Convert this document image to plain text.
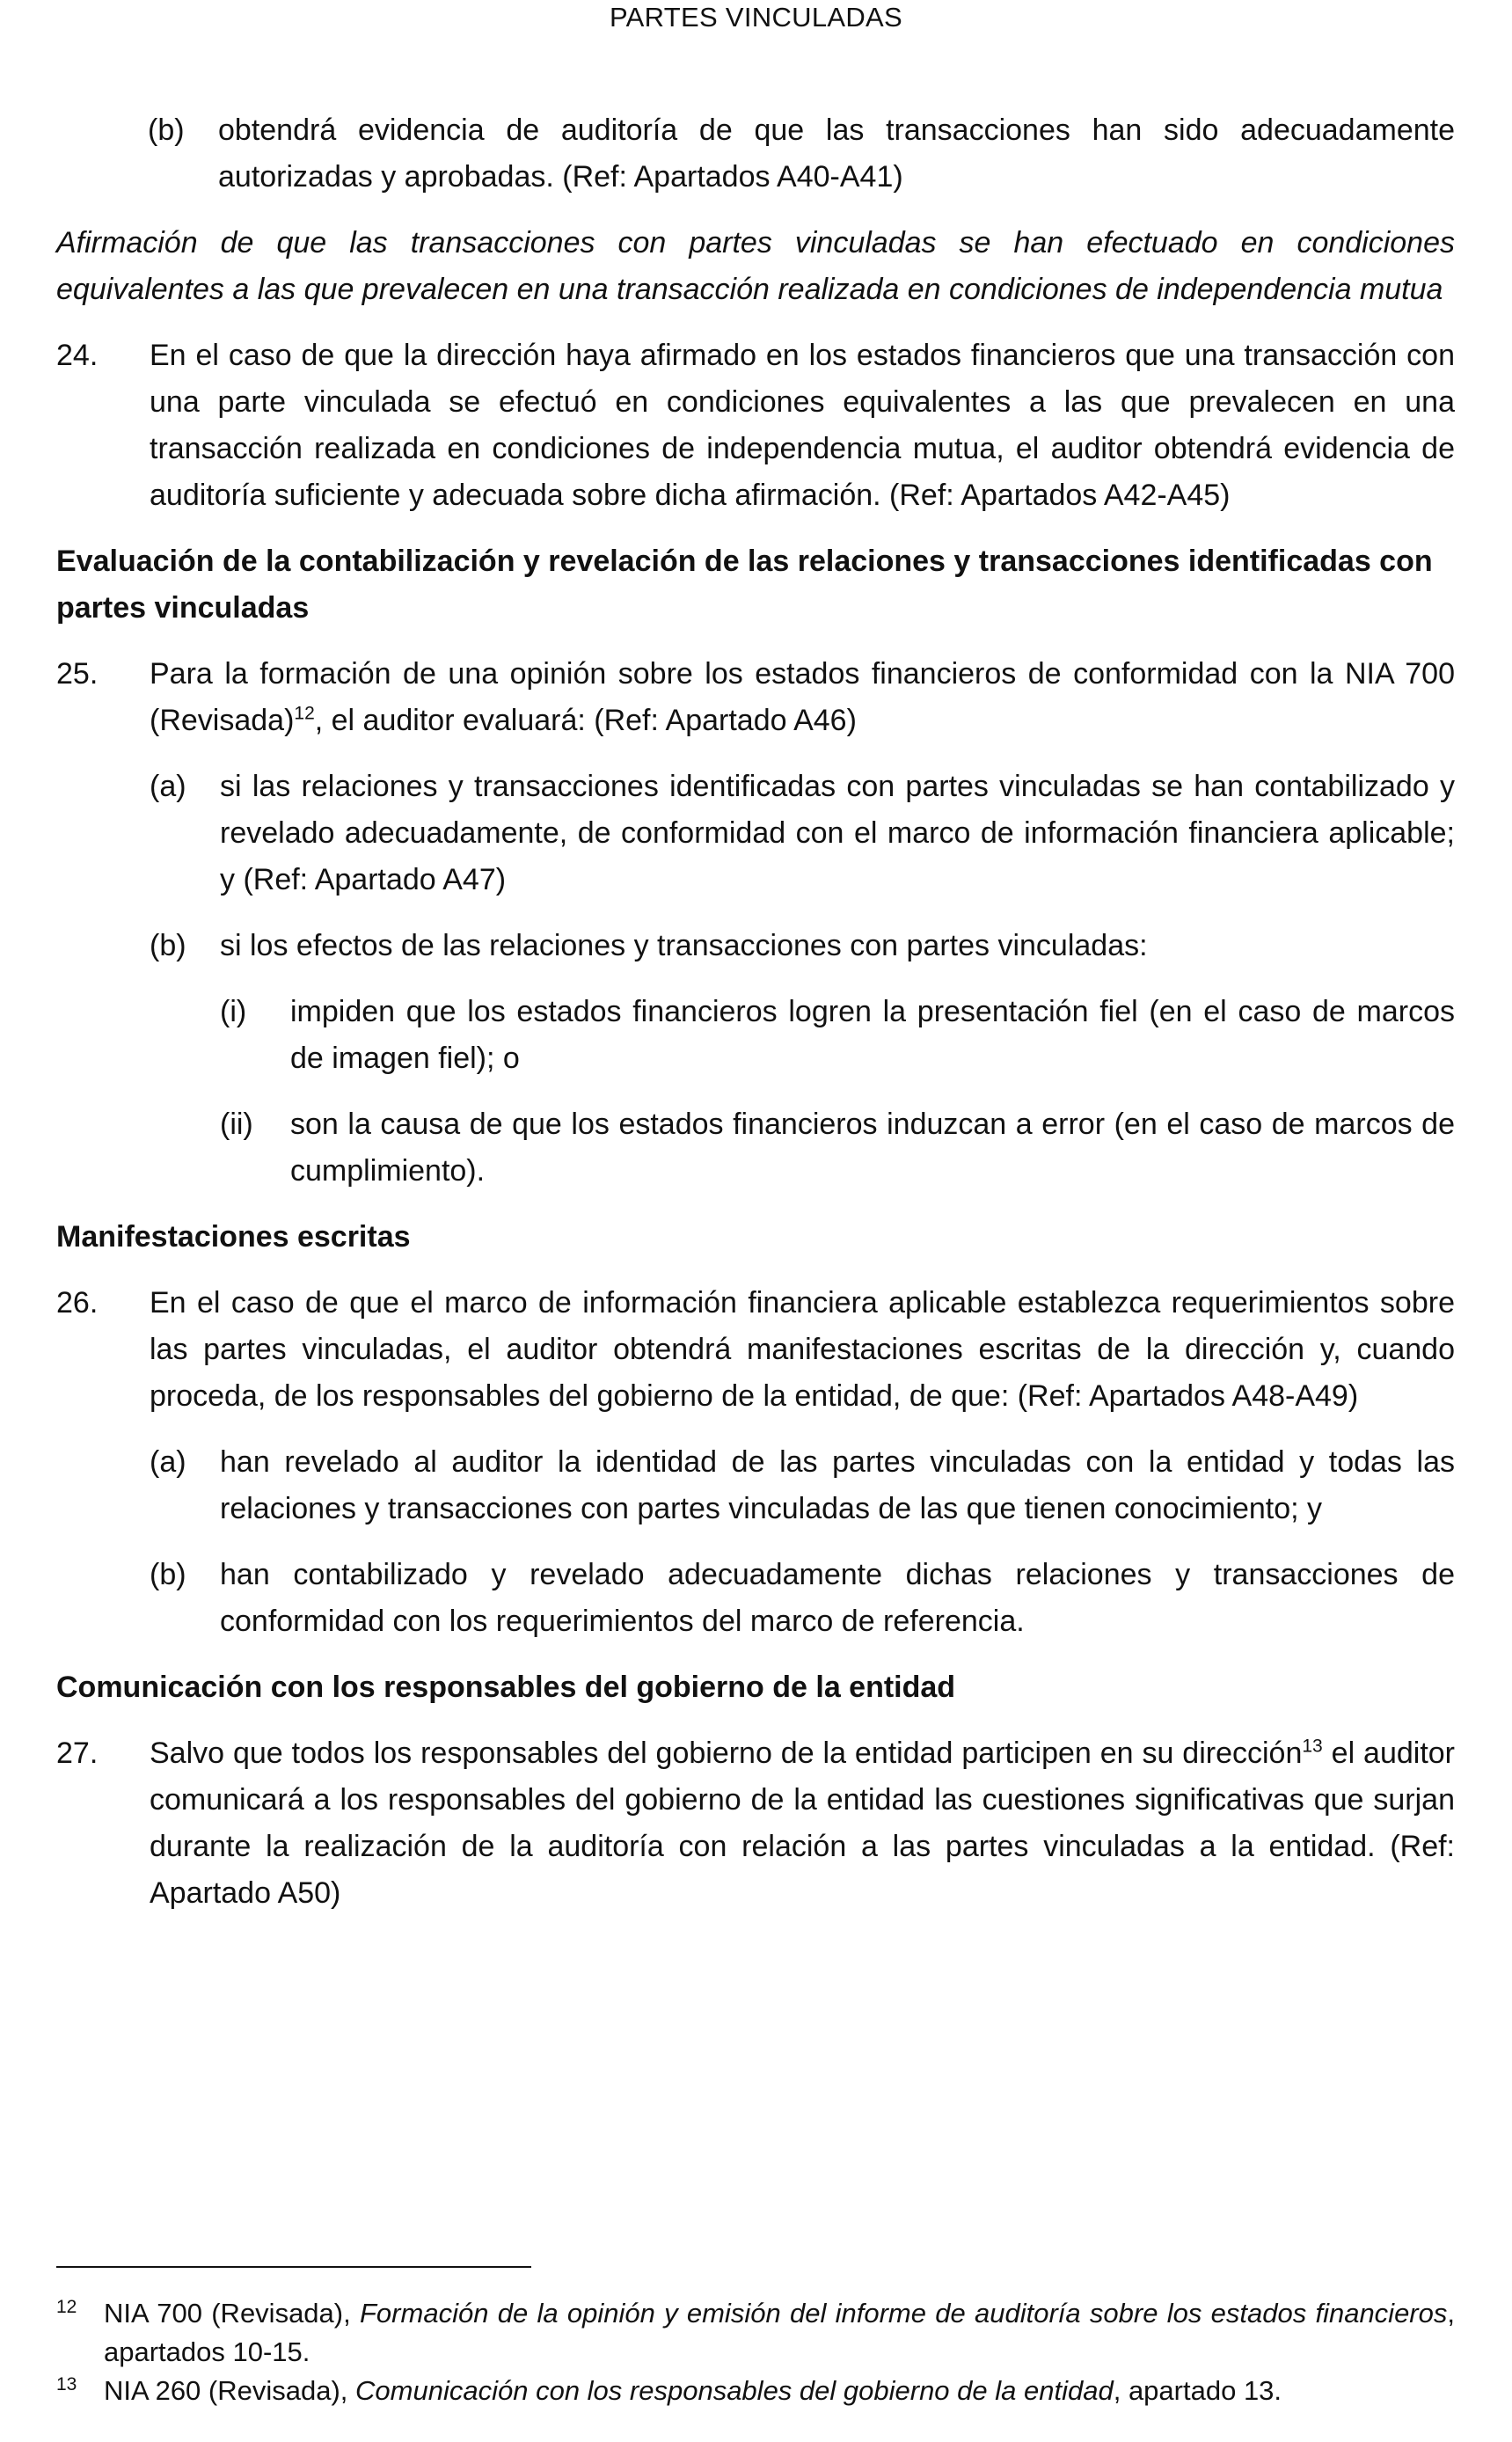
PARTES VINCULADAS
(b)	obtendrá evidencia de auditoría de que las transacciones han sido adecuadamente autorizadas y aprobadas. (Ref: Apartados A40-A41)

Afirmación de que las transacciones con partes vinculadas se han efectuado en condiciones equivalentes a las que prevalecen en una transacción realizada en condiciones de independencia mutua

24.	En el caso de que la dirección haya afirmado en los estados financieros que una transacción con una parte vinculada se efectuó en condiciones equivalentes a las que prevalecen en una transacción realizada en condiciones de independencia mutua, el auditor obtendrá evidencia de auditoría suficiente y adecuada sobre dicha afirmación. (Ref: Apartados A42-A45)

Evaluación de la contabilización y revelación de las relaciones y transacciones identificadas con partes vinculadas

25.	Para la formación de una opinión sobre los estados financieros de conformidad con la NIA 700 (Revisada)$^{12}$, el auditor evaluará: (Ref: Apartado A46)
(a)	si las relaciones y transacciones identificadas con partes vinculadas se han contabilizado y revelado adecuadamente, de conformidad con el marco de información financiera aplicable; y (Ref: Apartado A47)
(b)	si los efectos de las relaciones y transacciones con partes vinculadas:
(i)	impiden que los estados financieros logren la presentación fiel (en el caso de marcos de imagen fiel); o
(ii)	son la causa de que los estados financieros induzcan a error (en el caso de marcos de cumplimiento).

Manifestaciones escritas

26.	En el caso de que el marco de información financiera aplicable establezca requerimientos sobre las partes vinculadas, el auditor obtendrá manifestaciones escritas de la dirección y, cuando proceda, de los responsables del gobierno de la entidad, de que: (Ref: Apartados A48-A49)
(a)	han revelado al auditor la identidad de las partes vinculadas con la entidad y todas las relaciones y transacciones con partes vinculadas de las que tienen conocimiento; y
(b)	han contabilizado y revelado adecuadamente dichas relaciones y transacciones de conformidad con los requerimientos del marco de referencia.

Comunicación con los responsables del gobierno de la entidad

27.	Salvo que todos los responsables del gobierno de la entidad participen en su dirección$^{13}$ el auditor comunicará a los responsables del gobierno de la entidad las cuestiones significativas que surjan durante la realización de la auditoría con relación a las partes vinculadas a la entidad. (Ref: Apartado A50)
12 NIA 700 (Revisada), Formación de la opinión y emisión del informe de auditoría sobre los estados financieros, apartados 10-15.
13 NIA 260 (Revisada), Comunicación con los responsables del gobierno de la entidad, apartado 13.
